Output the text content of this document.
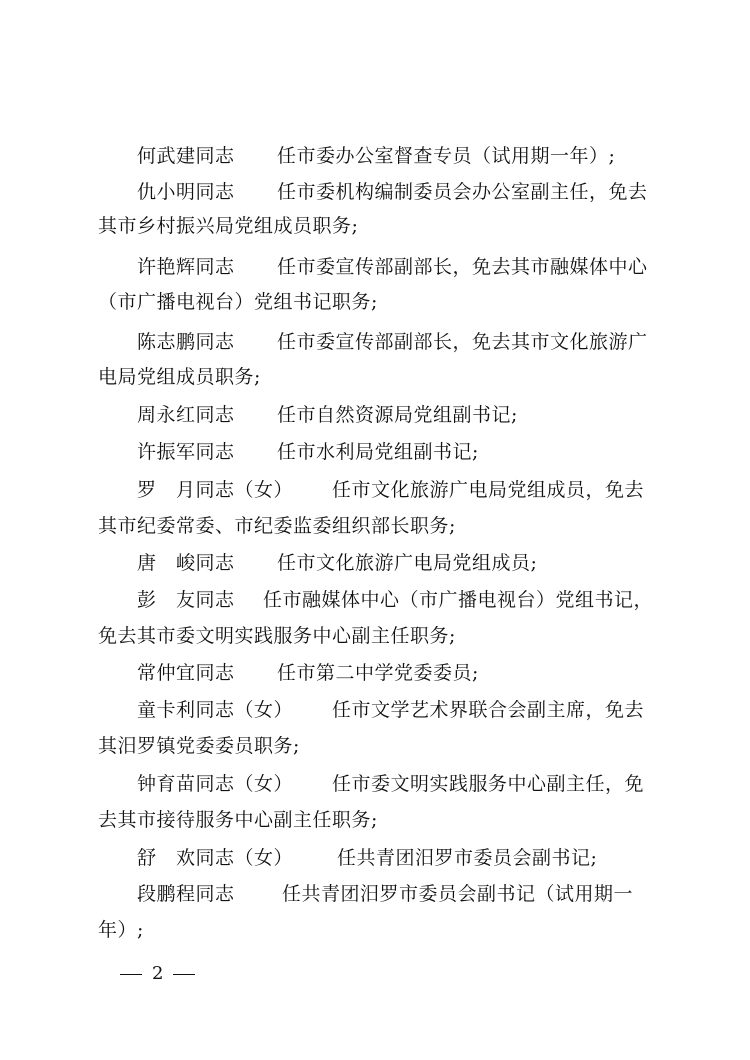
何武建同志 任市委办公室督查专员（试用期一年）;
仇小明同志 任市委机构编制委员会办公室副主任，免去
其市乡村振兴局党组成员职务;
许艳辉同志 任市委宣传部副部长，免去其市融媒体中心
（市广播电视台）党组书记职务;
陈志鹏同志 任市委宣传部副部长，免去其市文化旅游广
电局党组成员职务;
周永红同志 任市自然资源局党组副书记;
许振军同志 任市水利局党组副书记;
罗　月同志（女） 任市文化旅游广电局党组成员，免去
其市纪委常委、市纪委监委组织部长职务;
唐　峻同志 任市文化旅游广电局党组成员;
彭　友同志 任市融媒体中心（市广播电视台）党组书记，
免去其市委文明实践服务中心副主任职务;
常仲宜同志 任市第二中学党委委员;
童卡利同志（女） 任市文学艺术界联合会副主席，免去
其汨罗镇党委委员职务;
钟育苗同志（女） 任市委文明实践服务中心副主任，免
去其市接待服务中心副主任职务;
舒　欢同志（女） 任共青团汨罗市委员会副书记;
段鹏程同志 任共青团汨罗市委员会副书记（试用期一
年）;
2
